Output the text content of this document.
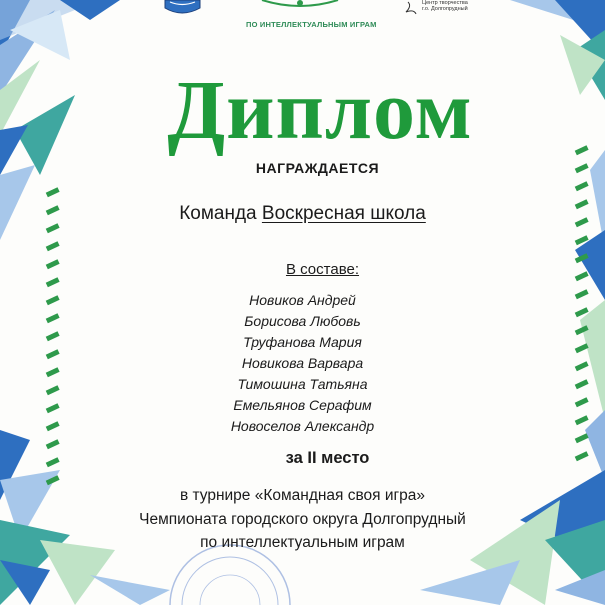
ПО ИНТЕЛЛЕКТУАЛЬНЫМ ИГРАМ
Центр творчества
г.о. Долгопрудный
Диплом
НАГРАЖДАЕТСЯ
Команда Воскресная школа
В составе:
Новиков Андрей
Борисова Любовь
Труфанова Мария
Новикова Варвара
Тимошина Татьяна
Емельянов Серафим
Новоселов Александр
за II место
в турнире «Командная своя игра»
Чемпионата городского округа Долгопрудный
по интеллектуальным играм
